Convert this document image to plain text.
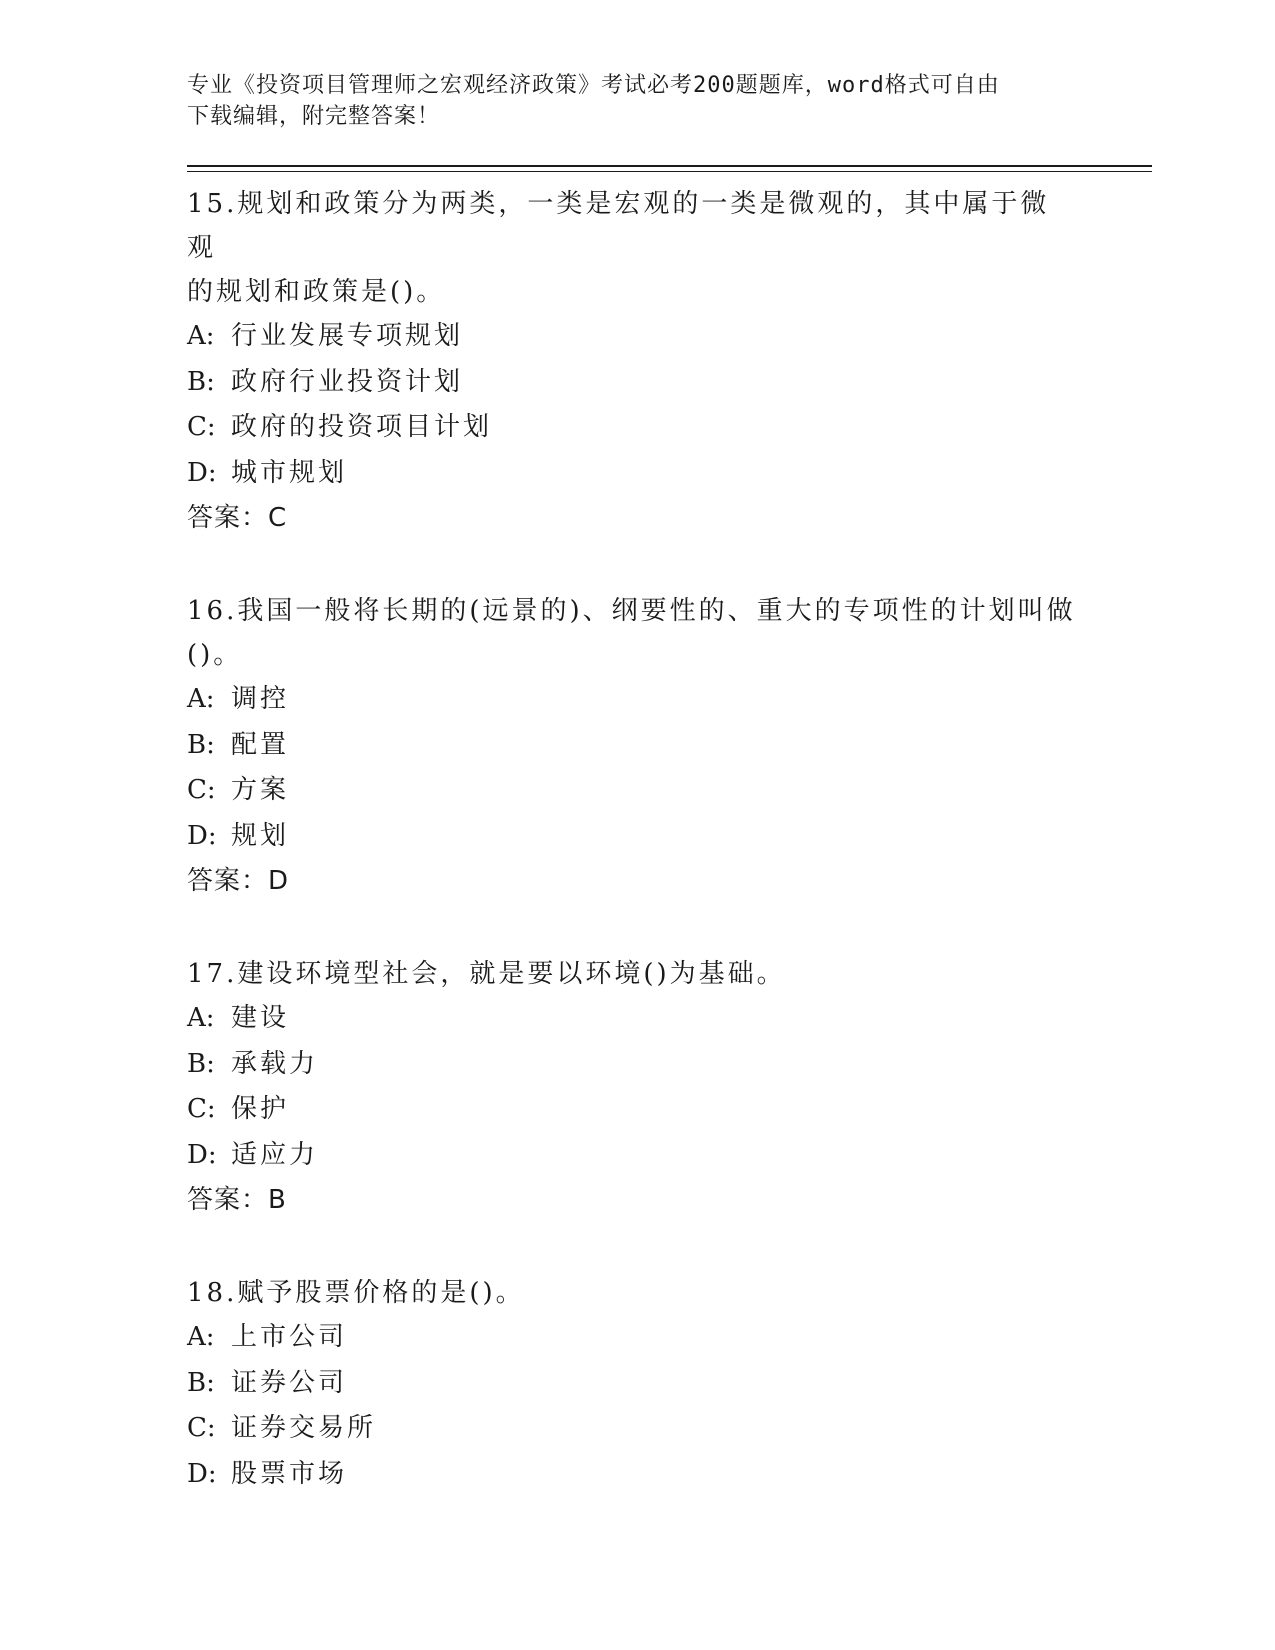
专业《投资项目管理师之宏观经济政策》考试必考200题题库，word格式可自由
下载编辑，附完整答案！
15.规划和政策分为两类，一类是宏观的一类是微观的，其中属于微观
的规划和政策是()。
A: 行业发展专项规划
B: 政府行业投资计划
C: 政府的投资项目计划
D: 城市规划
答案：C
16.我国一般将长期的(远景的)、纲要性的、重大的专项性的计划叫做
()。
A: 调控
B: 配置
C: 方案
D: 规划
答案：D
17.建设环境型社会，就是要以环境()为基础。
A: 建设
B: 承载力
C: 保护
D: 适应力
答案：B
18.赋予股票价格的是()。
A: 上市公司
B: 证券公司
C: 证券交易所
D: 股票市场
